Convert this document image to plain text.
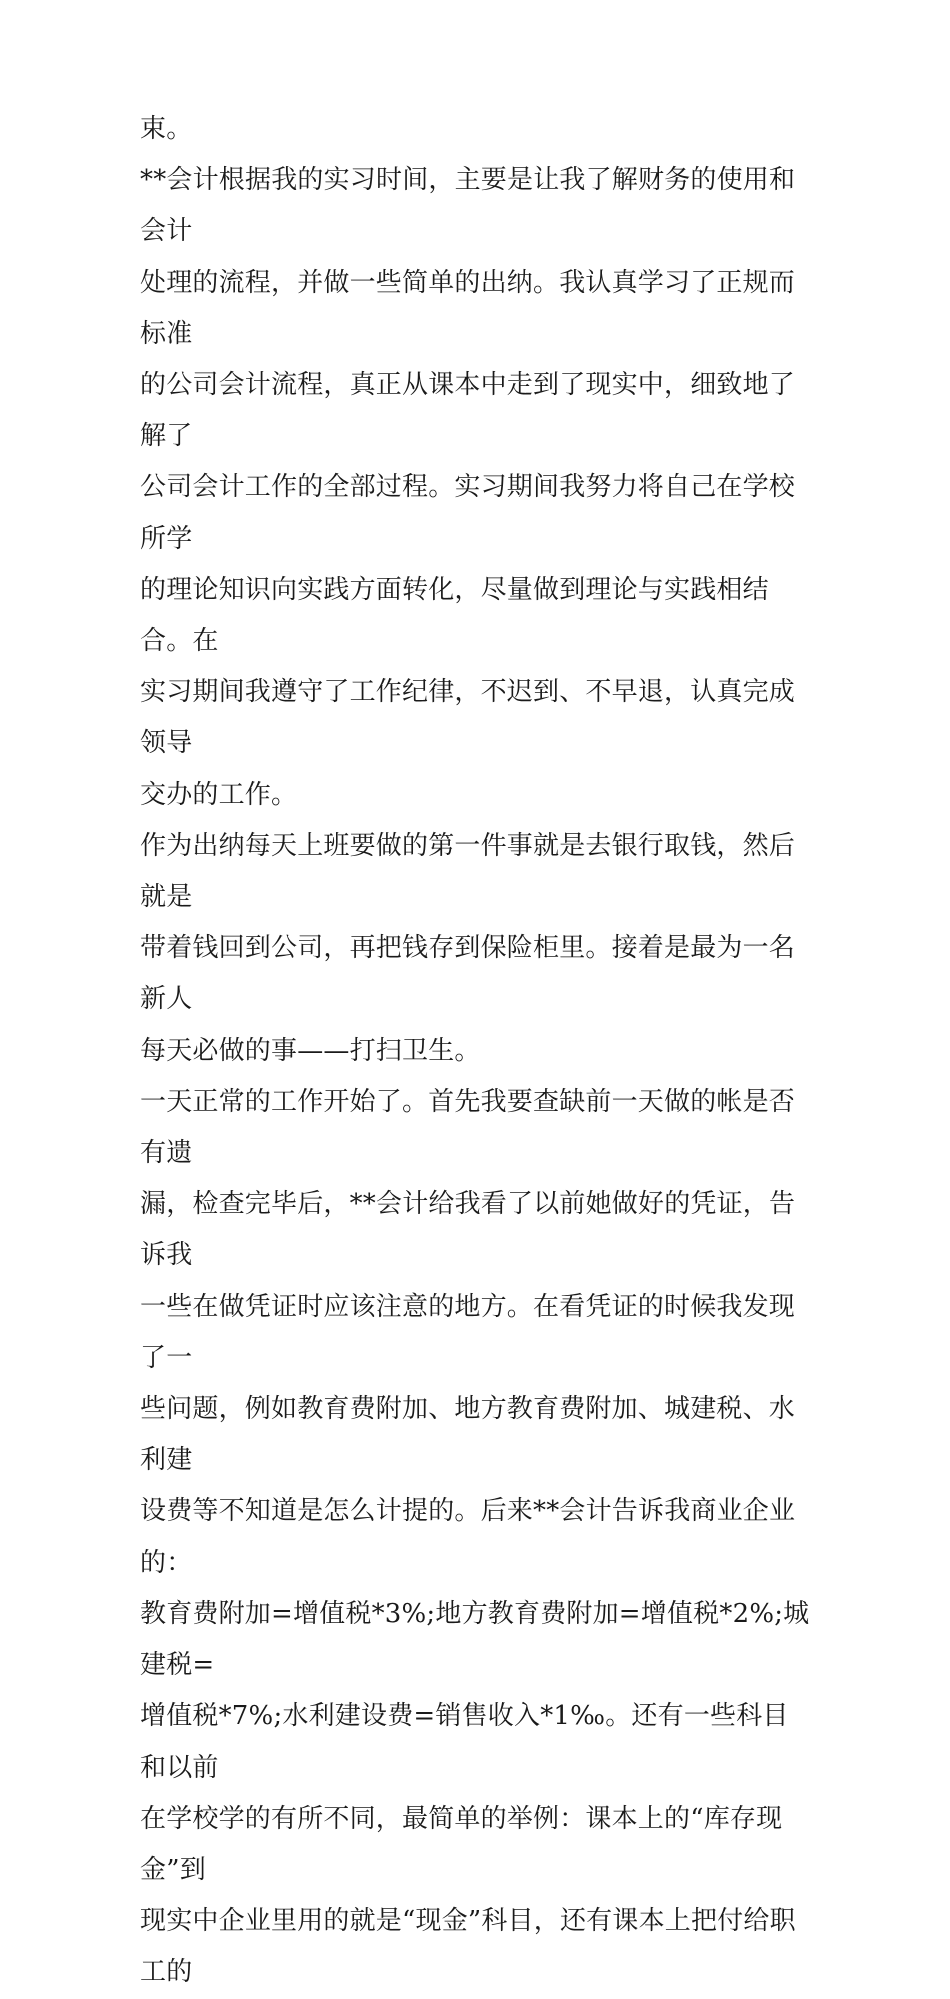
束。

**会计根据我的实习时间，主要是让我了解财务的使用和会计
处理的流程，并做一些简单的出纳。我认真学习了正规而标准
的公司会计流程，真正从课本中走到了现实中，细致地了解了
公司会计工作的全部过程。实习期间我努力将自己在学校所学
的理论知识向实践方面转化，尽量做到理论与实践相结合。在
实习期间我遵守了工作纪律，不迟到、不早退，认真完成领导
交办的工作。

作为出纳每天上班要做的第一件事就是去银行取钱，然后就是
带着钱回到公司，再把钱存到保险柜里。接着是最为一名新人
每天必做的事——打扫卫生。

一天正常的工作开始了。首先我要查缺前一天做的帐是否有遗
漏，检查完毕后，**会计给我看了以前她做好的凭证，告诉我
一些在做凭证时应该注意的地方。在看凭证的时候我发现了一
些问题，例如教育费附加、地方教育费附加、城建税、水利建
设费等不知道是怎么计提的。后来**会计告诉我商业企业的：
教育费附加=增值税*3%;地方教育费附加=增值税*2%;城建税=
增值税*7%;水利建设费=销售收入*1‰。还有一些科目和以前
在学校学的有所不同，最简单的举例：课本上的“库存现金”到
现实中企业里用的就是“现金”科目，还有课本上把付给职工的
